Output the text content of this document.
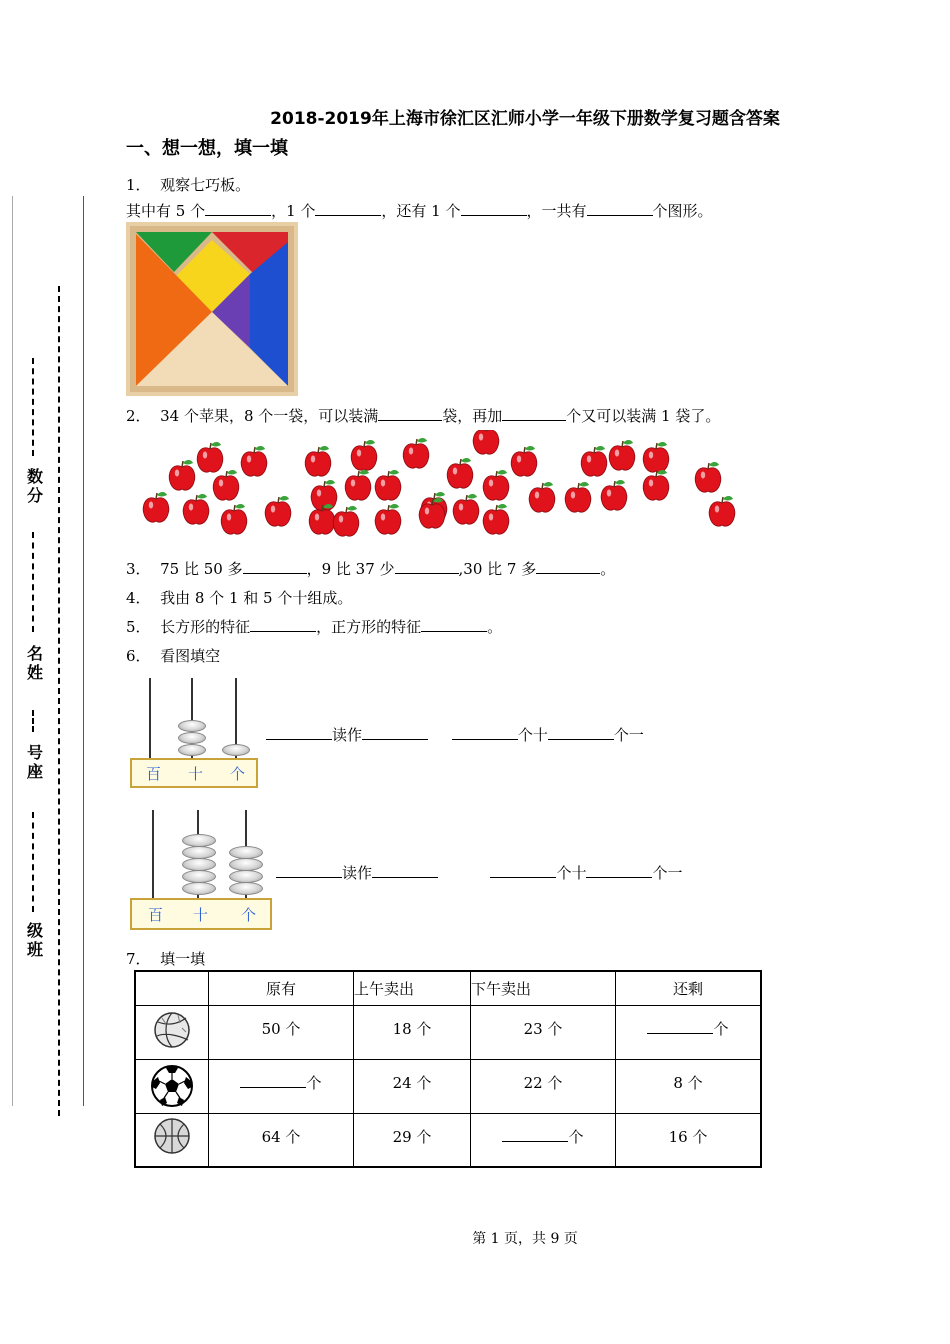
数
分
名
姓
号
座
级
班
2018-2019年上海市徐汇区汇师小学一年级下册数学复习题含答案
一、想一想，填一填
1． 观察七巧板。
其中有 5 个	，1 个	，还有 1 个	，一共有	个图形。
2． 34 个苹果，8 个一袋，可以装满	袋，再加	个又可以装满 1 袋了。
3． 75 比 50 多	，9 比 37 少	,30 比 7 多	。
4． 我由 8 个 1 和 5 个十组成。
5． 长方形的特征	，正方形的特征	。
6． 看图填空
百 十 个
读作	个十	个一
百 十 个
读作	个十	个一
7． 填一填
	原有	上午卖出	下午卖出	还剩
	50 个	18 个	23 个	个
	个	24 个	22 个	8 个
	64 个	29 个	个	16 个
第 1 页，共 9 页
